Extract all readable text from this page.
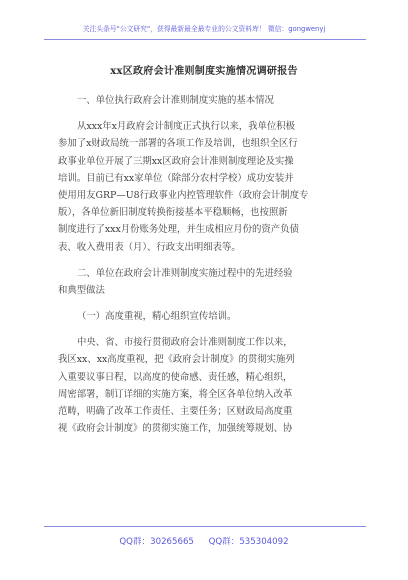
关注头条号"公文研究"，获得最新最全最专业的公文资料库！ 微信：gongwenyj
xx区政府会计准则制度实施情况调研报告
一、单位执行政府会计准则制度实施的基本情况
从xxx年x月政府会计制度正式执行以来，我单位积极
参加了x财政局统一部署的各项工作及培训，也组织全区行
政事业单位开展了三期xx区政府会计准则制度理论及实操
培训。目前已有xx家单位（除部分农村学校）成功安装并
使用用友GRP—U8行政事业内控管理软件（政府会计制度专
版），各单位新旧制度转换衔接基本平稳顺畅，也按照新
制度进行了xxx月份账务处理，并生成相应月份的资产负债
表、收入费用表（月）、行政支出明细表等。
二、单位在政府会计准则制度实施过程中的先进经验
和典型做法
（一）高度重视，精心组织宣传培训。
中央、省、市接行贯彻政府会计准则制度工作以来，
我区xx、xx高度重视，把《政府会计制度》的贯彻实施列
入重要议事日程，以高度的使命感、责任感，精心组织，
周密部署，制订详细的实施方案，将全区各单位纳入改革
范畴，明确了改革工作责任、主要任务；区财政局高度重
视《政府会计制度》的贯彻实施工作，加强统筹规划、协
QQ群：30265665 QQ群：535304092
